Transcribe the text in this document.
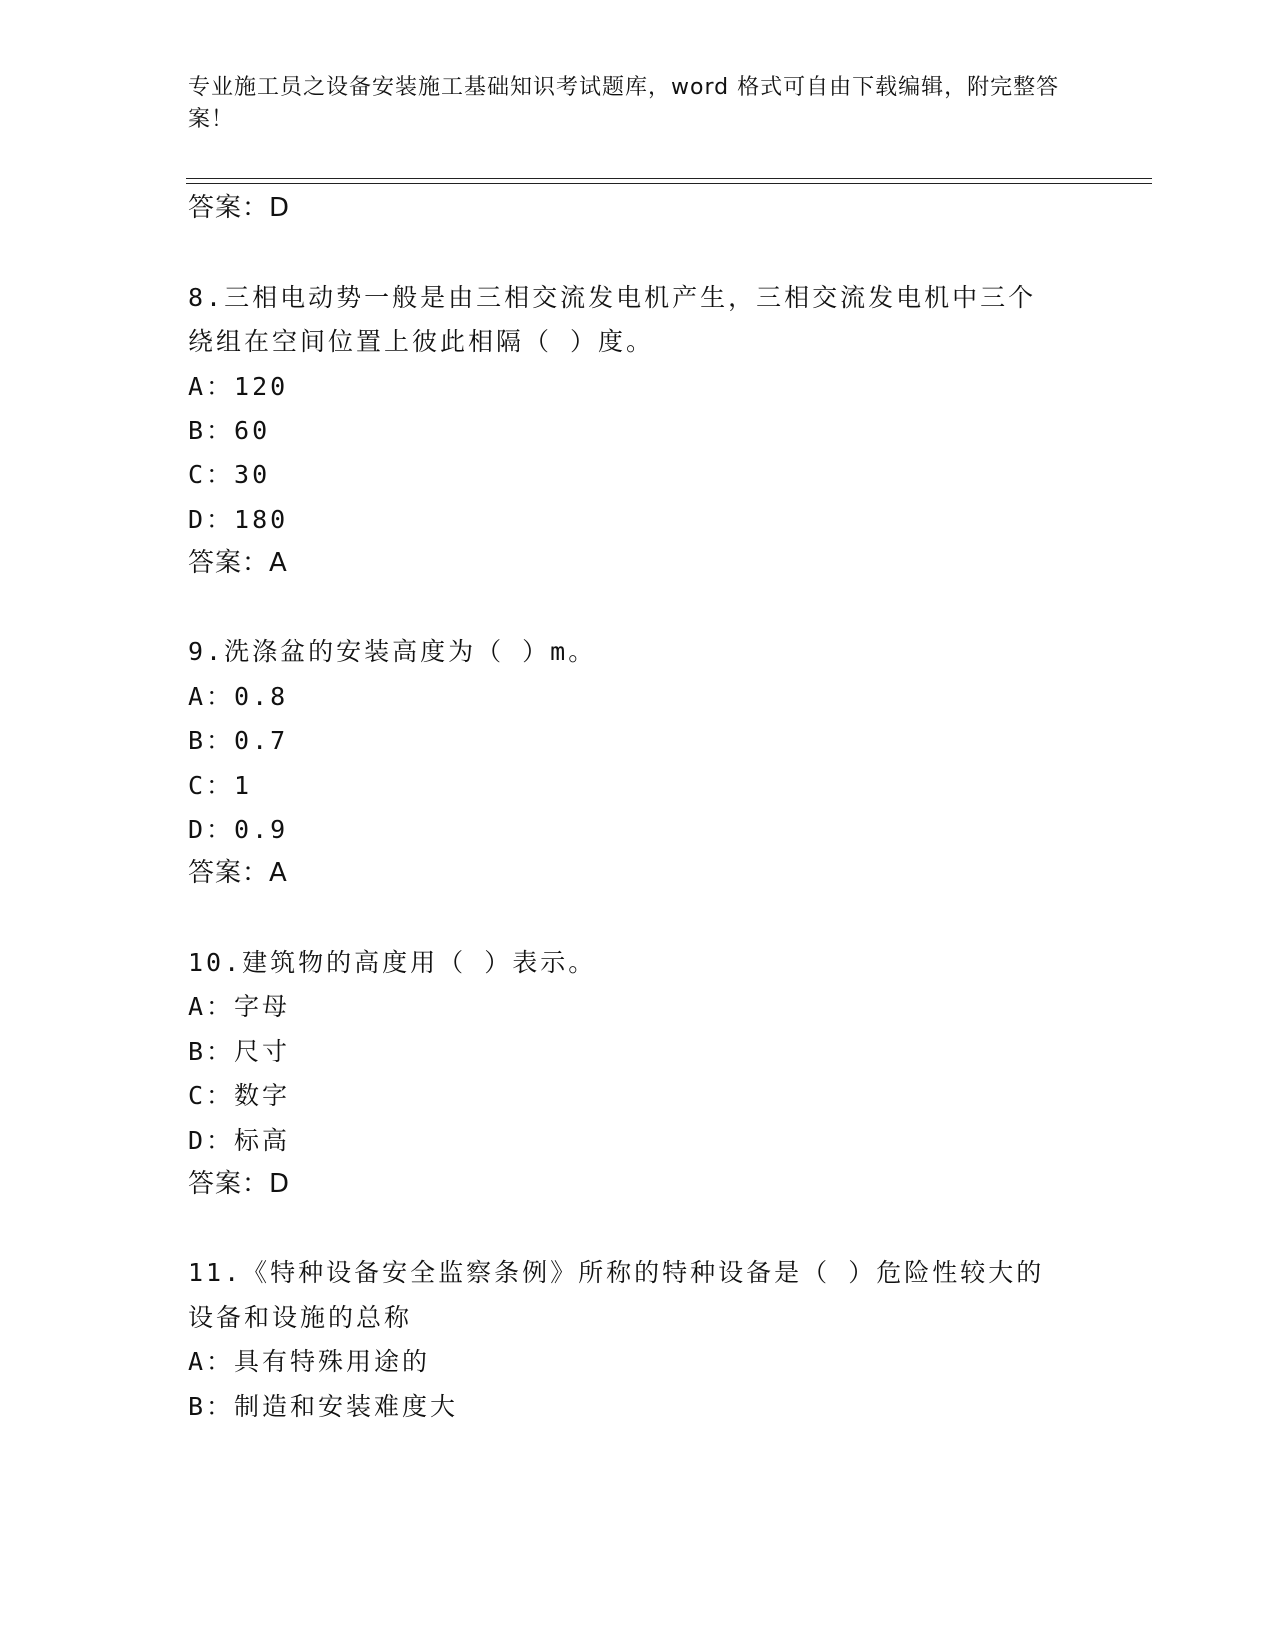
专业施工员之设备安装施工基础知识考试题库，word 格式可自由下载编辑，附完整答案！
答案：D
8.三相电动势一般是由三相交流发电机产生，三相交流发电机中三个
绕组在空间位置上彼此相隔（ ）度。
A：120
B：60
C：30
D：180
答案：A
9.洗涤盆的安装高度为（ ）m。
A：0.8
B：0.7
C：1
D：0.9
答案：A
10.建筑物的高度用（ ）表示。
A：字母
B：尺寸
C：数字
D：标高
答案：D
11.《特种设备安全监察条例》所称的特种设备是（ ）危险性较大的
设备和设施的总称
A：具有特殊用途的
B：制造和安装难度大
